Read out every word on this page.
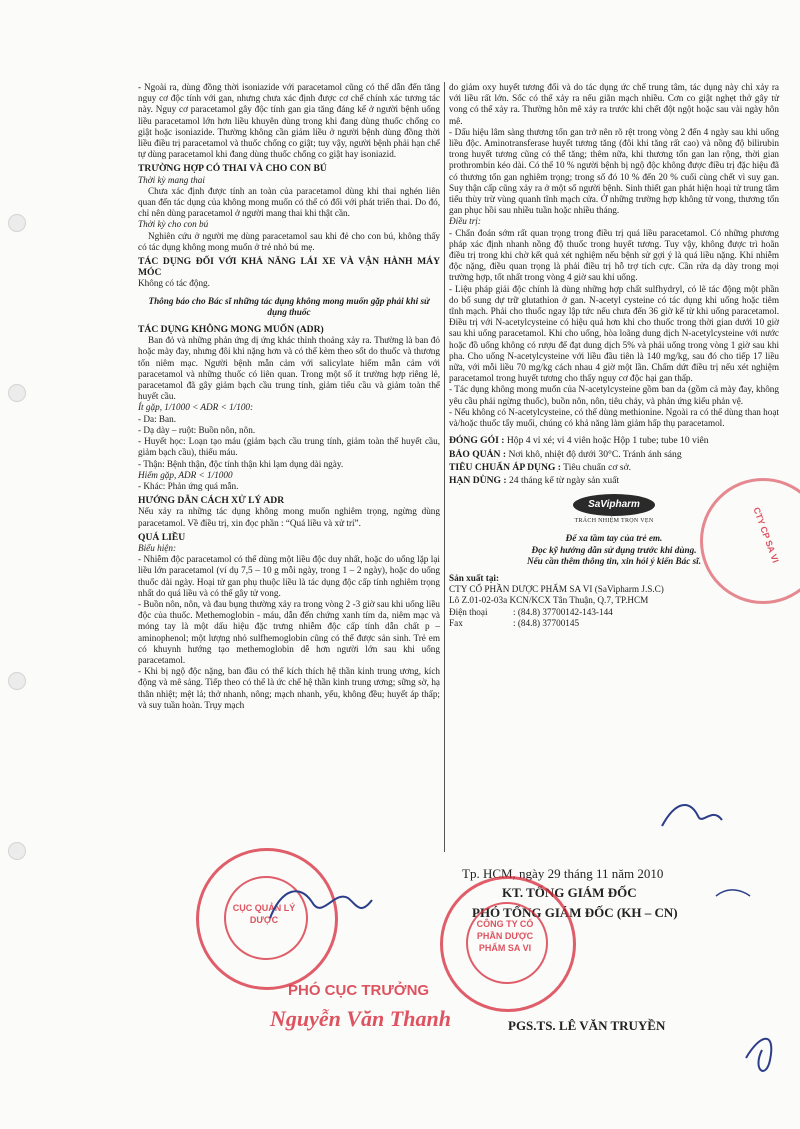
- Ngoài ra, dùng đồng thời isoniazide với paracetamol cũng có thể dẫn đến tăng nguy cơ độc tính với gan, nhưng chưa xác định được cơ chế chính xác tương tác này. Nguy cơ paracetamol gây độc tính gan gia tăng đáng kể ở người bệnh uống liều paracetamol lớn hơn liều khuyên dùng trong khi đang dùng thuốc chống co giật hoặc isoniazide. Thường không cần giảm liều ở người bệnh dùng đồng thời liều điều trị paracetamol và thuốc chống co giật; tuy vậy, người bệnh phải hạn chế tự dùng paracetamol khi đang dùng thuốc chống co giật hay isoniazid.

TRƯỜNG HỢP CÓ THAI VÀ CHO CON BÚ

Thời kỳ mang thai

Chưa xác định được tính an toàn của paracetamol dùng khi thai nghén liên quan đến tác dụng của không mong muốn có thể có đối với phát triển thai. Do đó, chỉ nên dùng paracetamol ở người mang thai khi thật cần.

Thời kỳ cho con bú

Nghiên cứu ở người mẹ dùng paracetamol sau khi đẻ cho con bú, không thấy có tác dụng không mong muốn ở trẻ nhỏ bú mẹ.

TÁC DỤNG ĐỐI VỚI KHẢ NĂNG LÁI XE VÀ VẬN HÀNH MÁY MÓC

Không có tác động.

Thông báo cho Bác sĩ những tác dụng không mong muốn gặp phải khi sử dụng thuốc

TÁC DỤNG KHÔNG MONG MUỐN (ADR)

Ban đỏ và những phản ứng dị ứng khác thỉnh thoảng xảy ra. Thường là ban đỏ hoặc mày đay, nhưng đôi khi nặng hơn và có thể kèm theo sốt do thuốc và thương tổn niêm mạc. Người bệnh mẫn cảm với salicylate hiếm mẫn cảm với paracetamol và những thuốc có liên quan. Trong một số ít trường hợp riêng lẻ, paracetamol đã gây giảm bạch cầu trung tính, giảm tiểu cầu và giảm toàn thể huyết cầu.

Ít gặp, 1/1000 < ADR < 1/100:

- Da: Ban.

- Dạ dày – ruột: Buồn nôn, nôn.

- Huyết học: Loạn tạo máu (giảm bạch cầu trung tính, giảm toàn thể huyết cầu, giảm bạch cầu), thiếu máu.

- Thận: Bệnh thận, độc tính thận khi lạm dụng dài ngày.

Hiếm gặp, ADR < 1/1000

- Khác: Phản ứng quá mẫn.

HƯỚNG DẪN CÁCH XỬ LÝ ADR

Nếu xảy ra những tác dụng không mong muốn nghiêm trọng, ngừng dùng paracetamol. Về điều trị, xin đọc phần : “Quá liều và xử trí”.

QUÁ LIỀU

Biểu hiện:

- Nhiễm độc paracetamol có thể dùng một liều độc duy nhất, hoặc do uống lặp lại liều lớn paracetamol (ví dụ 7,5 – 10 g mỗi ngày, trong 1 – 2 ngày), hoặc do uống thuốc dài ngày. Hoại tử gan phụ thuộc liều là tác dụng độc cấp tính nghiêm trọng nhất do quá liều và có thể gây tử vong.

- Buồn nôn, nôn, và đau bụng thường xảy ra trong vòng 2 -3 giờ sau khi uống liều độc của thuốc. Methemoglobin - máu, dẫn đến chứng xanh tím da, niêm mạc và móng tay là một dấu hiệu đặc trưng nhiễm độc cấp tính dẫn chất p – aminophenol; một lượng nhỏ sulfhemoglobin cũng có thể được sản sinh. Trẻ em có khuynh hướng tạo methemoglobin dễ hơn người lớn sau khi uống paracetamol.

- Khi bị ngộ độc nặng, ban đầu có thể kích thích hệ thần kinh trung ương, kích động và mê sảng. Tiếp theo có thể là ức chế hệ thần kinh trung ương; sững sờ, hạ thân nhiệt; mệt lả; thở nhanh, nông; mạch nhanh, yếu, không đều; huyết áp thấp; và suy tuần hoàn. Trụy mạch

do giảm oxy huyết tương đối và do tác dụng ức chế trung tâm, tác dụng này chỉ xảy ra với liều rất lớn. Sốc có thể xảy ra nếu giãn mạch nhiều. Cơn co giật nghẹt thở gây tử vong có thể xảy ra. Thường hôn mê xảy ra trước khi chết đột ngột hoặc sau vài ngày hôn mê.

- Dấu hiệu lâm sàng thương tổn gan trở nên rõ rệt trong vòng 2 đến 4 ngày sau khi uống liều độc. Aminotransferase huyết tương tăng (đôi khi tăng rất cao) và nồng độ bilirubin trong huyết tương cũng có thể tăng; thêm nữa, khi thương tổn gan lan rộng, thời gian prothrombin kéo dài. Có thể 10 % người bệnh bị ngộ độc không được điều trị đặc hiệu đã có thương tổn gan nghiêm trọng; trong số đó 10 % đến 20 % cuối cùng chết vì suy gan. Suy thận cấp cũng xảy ra ở một số người bệnh. Sinh thiết gan phát hiện hoại tử trung tâm tiểu thùy trừ vùng quanh tĩnh mạch cửa. Ở những trường hợp không tử vong, thương tổn gan phục hồi sau nhiều tuần hoặc nhiều tháng.

Điều trị:

- Chẩn đoán sớm rất quan trọng trong điều trị quá liều paracetamol. Có những phương pháp xác định nhanh nồng độ thuốc trong huyết tương. Tuy vậy, không được trì hoãn điều trị trong khi chờ kết quả xét nghiệm nếu bệnh sử gợi ý là quá liều nặng. Khi nhiễm độc nặng, điều quan trọng là phải điều trị hỗ trợ tích cực. Cần rửa dạ dày trong mọi trường hợp, tốt nhất trong vòng 4 giờ sau khi uống.

- Liệu pháp giải độc chính là dùng những hợp chất sulfhydryl, có lẽ tác động một phần do bổ sung dự trữ glutathion ở gan. N-acetyl cysteine có tác dụng khi uống hoặc tiêm tĩnh mạch. Phải cho thuốc ngay lập tức nếu chưa đến 36 giờ kể từ khi uống paracetamol. Điều trị với N-acetylcysteine có hiệu quả hơn khi cho thuốc trong thời gian dưới 10 giờ sau khi uống paracetamol. Khi cho uống, hòa loãng dung dịch N-acetylcysteine với nước hoặc đồ uống không có rượu để đạt dung dịch 5% và phải uống trong vòng 1 giờ sau khi pha. Cho uống N-acetylcysteine với liều đầu tiên là 140 mg/kg, sau đó cho tiếp 17 liều nữa, với mỗi liều 70 mg/kg cách nhau 4 giờ một lần. Chấm dứt điều trị nếu xét nghiệm paracetamol trong huyết tương cho thấy nguy cơ độc hại gan thấp.

- Tác dụng không mong muốn của N-acetylcysteine gồm ban da (gồm cả mày đay, không yêu cầu phải ngừng thuốc), buồn nôn, nôn, tiêu chảy, và phản ứng kiểu phản vệ.

- Nếu không có N-acetylcysteine, có thể dùng methionine. Ngoài ra có thể dùng than hoạt và/hoặc thuốc tẩy muối, chúng có khả năng làm giảm hấp thụ paracetamol.

ĐÓNG GÓI : Hộp 4 vỉ xé; vỉ 4 viên hoặc Hộp 1 tube; tube 10 viên

BẢO QUẢN : Nơi khô, nhiệt độ dưới 30°C. Tránh ánh sáng

TIÊU CHUẨN ÁP DỤNG : Tiêu chuẩn cơ sở.

HẠN DÙNG : 24 tháng kể từ ngày sản xuất

SaVipharm
TRÁCH NHIỆM TRỌN VẸN

Để xa tầm tay của trẻ em.

Đọc kỹ hướng dẫn sử dụng trước khi dùng.

Nếu cần thêm thông tin, xin hỏi ý kiến Bác sĩ.

Sản xuất tại:

CTY CỔ PHẦN DƯỢC PHẨM SA VI (SaVipharm J.S.C)

Lô Z.01-02-03a KCN/KCX Tân Thuận, Q.7, TP.HCM

Điện thoại	: (84.8) 37700142-143-144
Fax	: (84.8) 37700145
CTY CP SA VI
Tp. HCM, ngày 29 tháng 11 năm 2010
KT. TỔNG GIÁM ĐỐC
PHÓ TỔNG GIÁM ĐỐC (KH – CN)
PGS.TS. LÊ VĂN TRUYỀN
CÔNG TY CỔ PHẦN DƯỢC PHẨM SA VI
CỤC QUẢN LÝ DƯỢC
PHÓ CỤC TRƯỞNG
Nguyễn Văn Thanh
